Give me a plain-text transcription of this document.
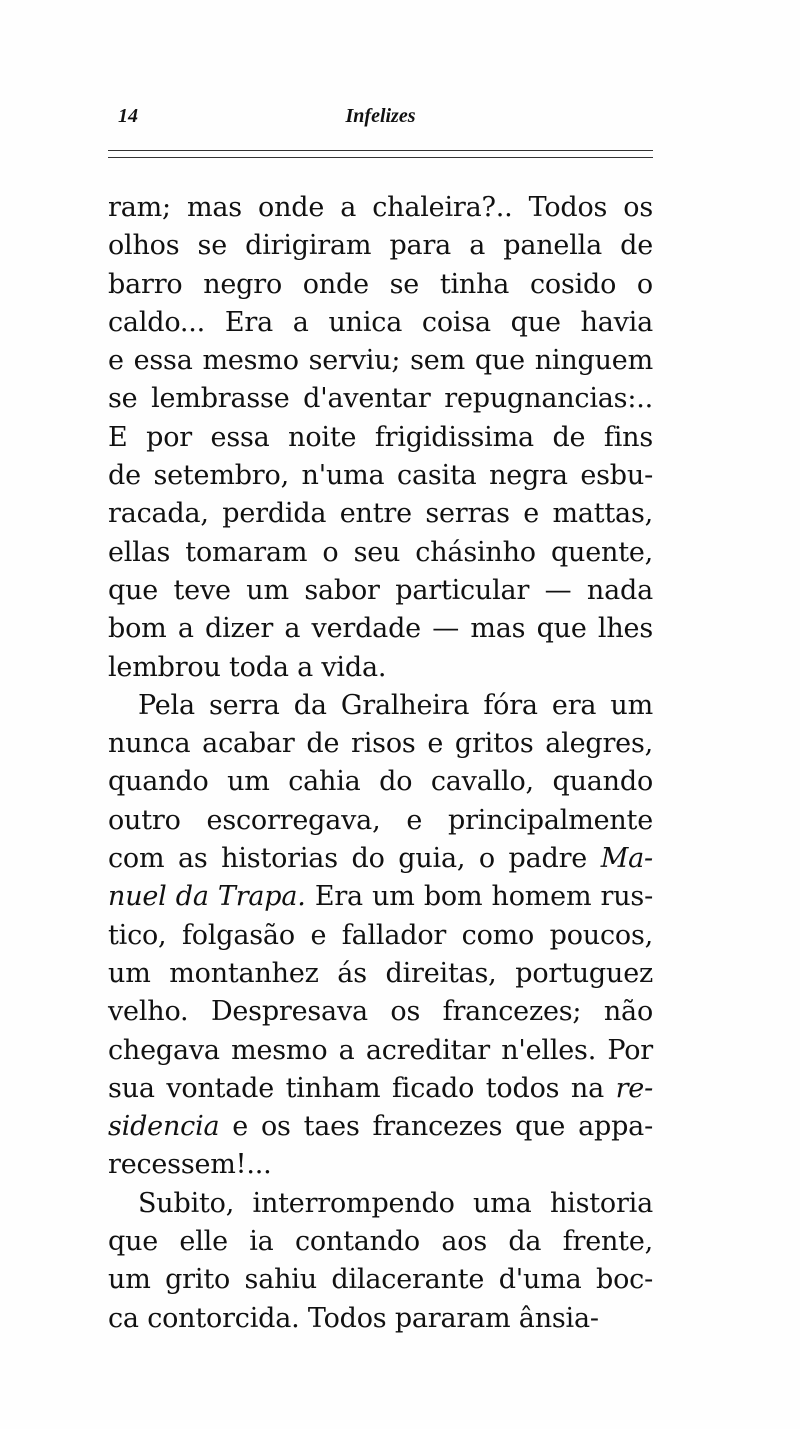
14	Infelizes
ram; mas onde a chaleira?.. Todos os
olhos se dirigiram para a panella de
barro negro onde se tinha cosido o
caldo... Era a unica coisa que havia
e essa mesmo serviu; sem que ninguem
se lembrasse d'aventar repugnancias:..
E por essa noite frigidissima de fins
de setembro, n'uma casita negra esbu-
racada, perdida entre serras e mattas,
ellas tomaram o seu chásinho quente,
que teve um sabor particular — nada
bom a dizer a verdade — mas que lhes
lembrou toda a vida.
Pela serra da Gralheira fóra era um
nunca acabar de risos e gritos alegres,
quando um cahia do cavallo, quando
outro escorregava, e principalmente
com as historias do guia, o padre Ma-
nuel da Trapa. Era um bom homem rus-
tico, folgasão e fallador como poucos,
um montanhez ás direitas, portuguez
velho. Despresava os francezes; não
chegava mesmo a acreditar n'elles. Por
sua vontade tinham ficado todos na re-
sidencia e os taes francezes que appa-
recessem!...
Subito, interrompendo uma historia
que elle ia contando aos da frente,
um grito sahiu dilacerante d'uma boc-
ca contorcida. Todos pararam ânsia-
